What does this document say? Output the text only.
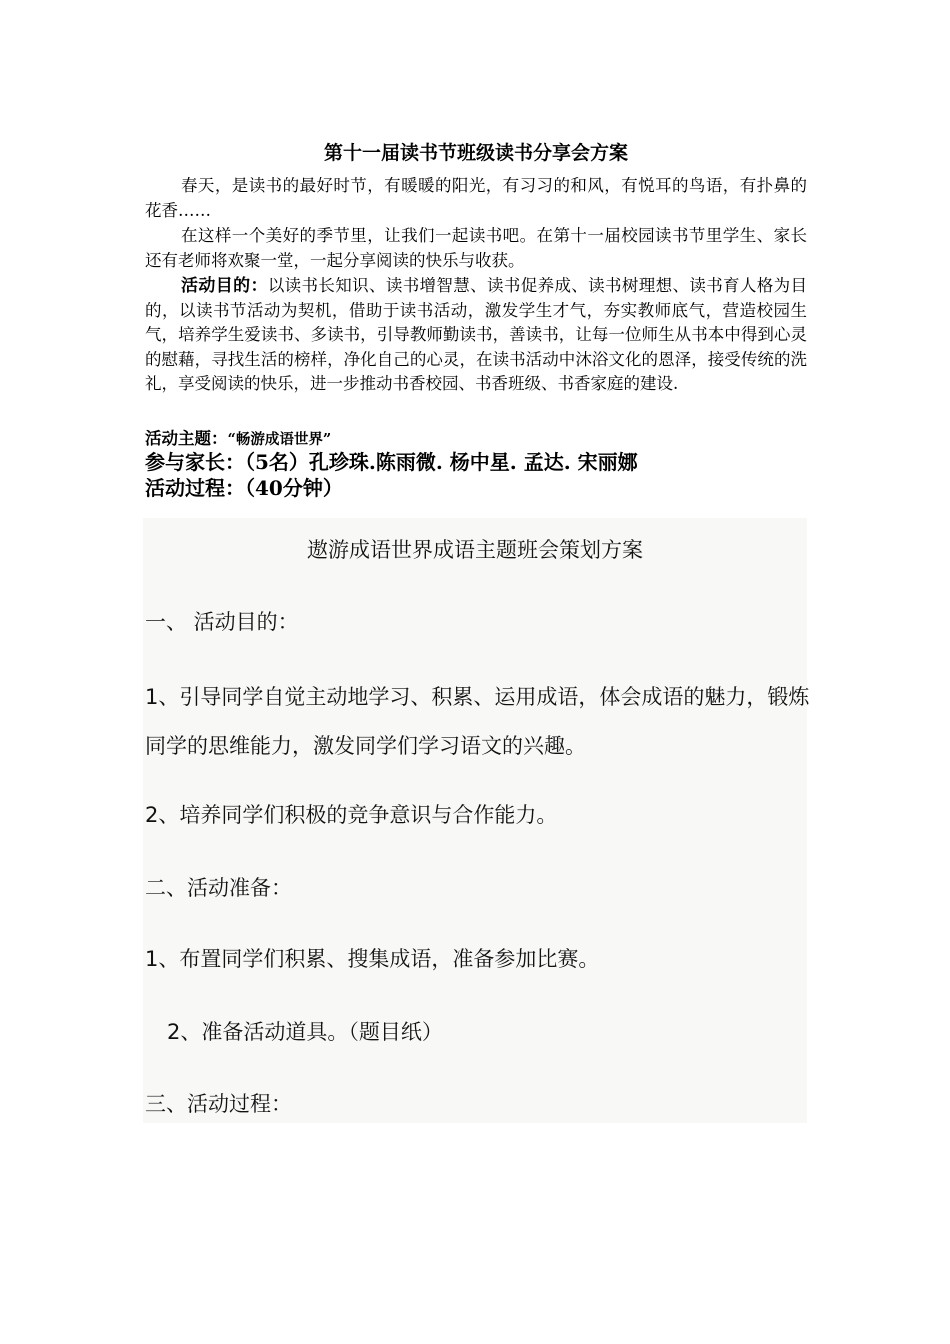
第十一届读书节班级读书分享会方案
春天，是读书的最好时节，有暖暖的阳光，有习习的和风，有悦耳的鸟语，有扑鼻的花香……
在这样一个美好的季节里，让我们一起读书吧。在第十一届校园读书节里学生、家长还有老师将欢聚一堂，一起分享阅读的快乐与收获。
活动目的：以读书长知识、读书增智慧、读书促养成、读书树理想、读书育人格为目的，以读书节活动为契机，借助于读书活动，激发学生才气，夯实教师底气，营造校园生气，培养学生爱读书、多读书，引导教师勤读书，善读书，让每一位师生从书本中得到心灵的慰藉，寻找生活的榜样，净化自己的心灵，在读书活动中沐浴文化的恩泽，接受传统的洗礼，享受阅读的快乐，进一步推动书香校园、书香班级、书香家庭的建设.
活动主题：“畅游成语世界”
参与家长：（5名）孔珍珠.陈雨微. 杨中星. 孟达. 宋丽娜
活动过程：（40分钟）
遨游成语世界成语主题班会策划方案
一、 活动目的：
1、引导同学自觉主动地学习、积累、运用成语，体会成语的魅力，锻炼
同学的思维能力，激发同学们学习语文的兴趣。
2、培养同学们积极的竞争意识与合作能力。
二、活动准备：
1、布置同学们积累、搜集成语，准备参加比赛。
2、准备活动道具。（题目纸）
三、活动过程：
